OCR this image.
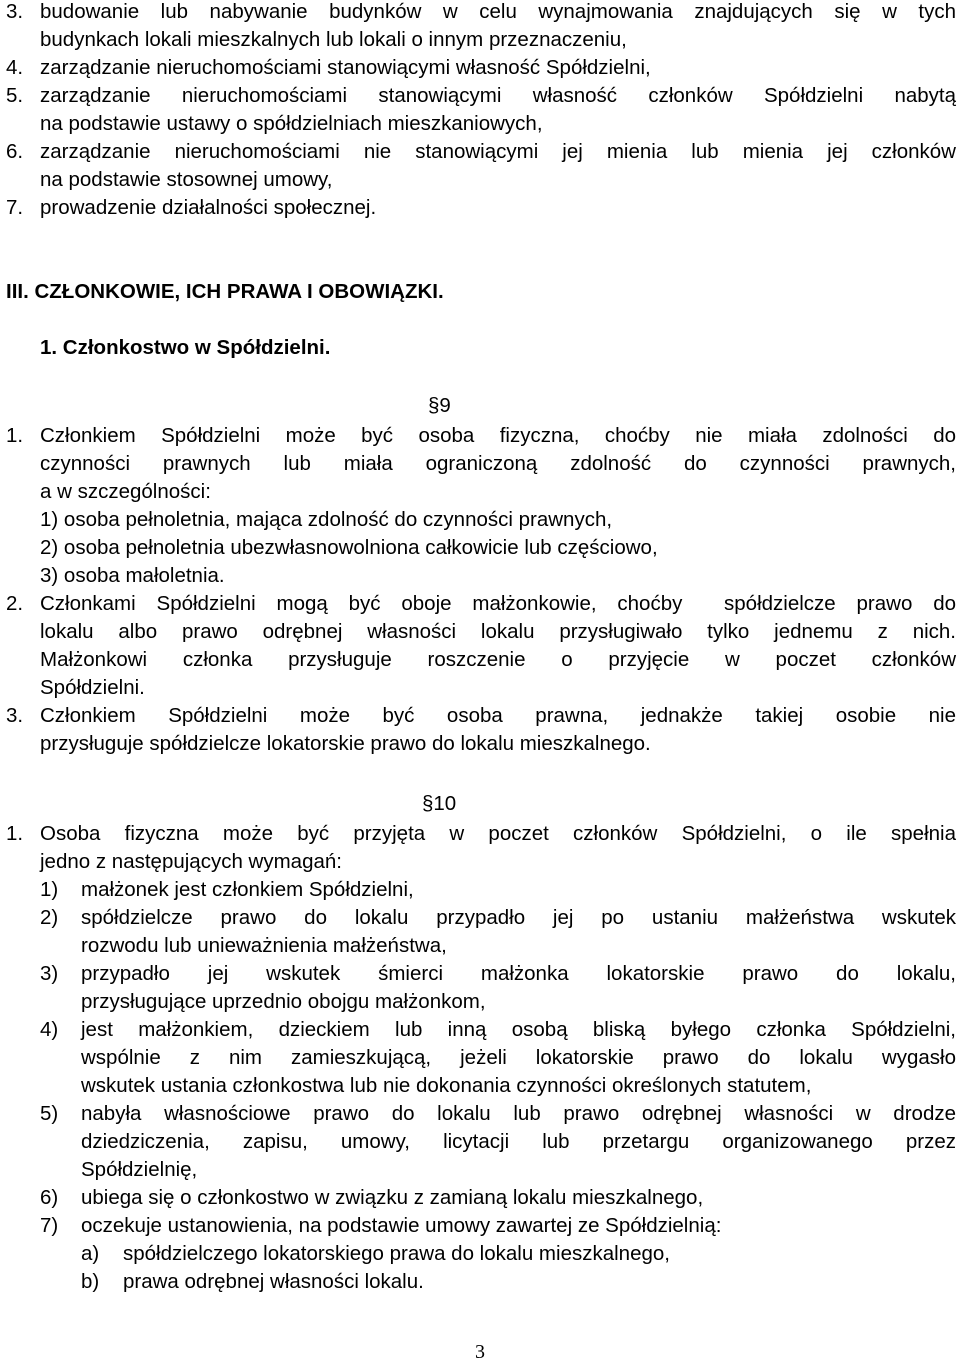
3. budowanie lub nabywanie budynków w celu wynajmowania znajdujących się w tych
budynkach lokali mieszkalnych lub lokali o innym przeznaczeniu,
4. zarządzanie nieruchomościami stanowiącymi własność Spółdzielni,
5. zarządzanie nieruchomościami stanowiącymi własność członków Spółdzielni nabytą
na podstawie ustawy o spółdzielniach mieszkaniowych,
6. zarządzanie nieruchomościami nie stanowiącymi jej mienia lub mienia jej członków
na podstawie stosownej umowy,
7. prowadzenie działalności społecznej.
III. CZŁONKOWIE, ICH PRAWA I OBOWIĄZKI.
1. Członkostwo w Spółdzielni.
§9
1. Członkiem Spółdzielni może być osoba fizyczna, choćby nie miała zdolności do
czynności prawnych lub miała ograniczoną zdolność do czynności prawnych,
a w szczególności:
1) osoba pełnoletnia, mająca zdolność do czynności prawnych,
2) osoba pełnoletnia ubezwłasnowolniona całkowicie lub częściowo,
3) osoba małoletnia.
2. Członkami Spółdzielni mogą być oboje małżonkowie, choćby  spółdzielcze prawo do
lokalu albo prawo odrębnej własności lokalu przysługiwało tylko jednemu z nich.
Małżonkowi członka przysługuje roszczenie o przyjęcie w poczet członków
Spółdzielni.
3. Członkiem Spółdzielni może być osoba prawna, jednakże takiej osobie nie
przysługuje spółdzielcze lokatorskie prawo do lokalu mieszkalnego.
§10
1. Osoba fizyczna może być przyjęta w poczet członków Spółdzielni, o ile spełnia
jedno z następujących wymagań:
1) małżonek jest członkiem Spółdzielni,
2) spółdzielcze prawo do lokalu przypadło jej po ustaniu małżeństwa wskutek
rozwodu lub unieważnienia małżeństwa,
3) przypadło jej wskutek śmierci małżonka lokatorskie prawo do lokalu,
przysługujące uprzednio obojgu małżonkom,
4) jest małżonkiem, dzieckiem lub inną osobą bliską byłego członka Spółdzielni,
wspólnie z nim zamieszkującą, jeżeli lokatorskie prawo do lokalu wygasło
wskutek ustania członkostwa lub nie dokonania czynności określonych statutem,
5) nabyła własnościowe prawo do lokalu lub prawo odrębnej własności w drodze
dziedziczenia, zapisu, umowy, licytacji lub przetargu organizowanego przez
Spółdzielnię,
6) ubiega się o członkostwo w związku z zamianą lokalu mieszkalnego,
7) oczekuje ustanowienia, na podstawie umowy zawartej ze Spółdzielnią:
a) spółdzielczego lokatorskiego prawa do lokalu mieszkalnego,
b) prawa odrębnej własności lokalu.
3
